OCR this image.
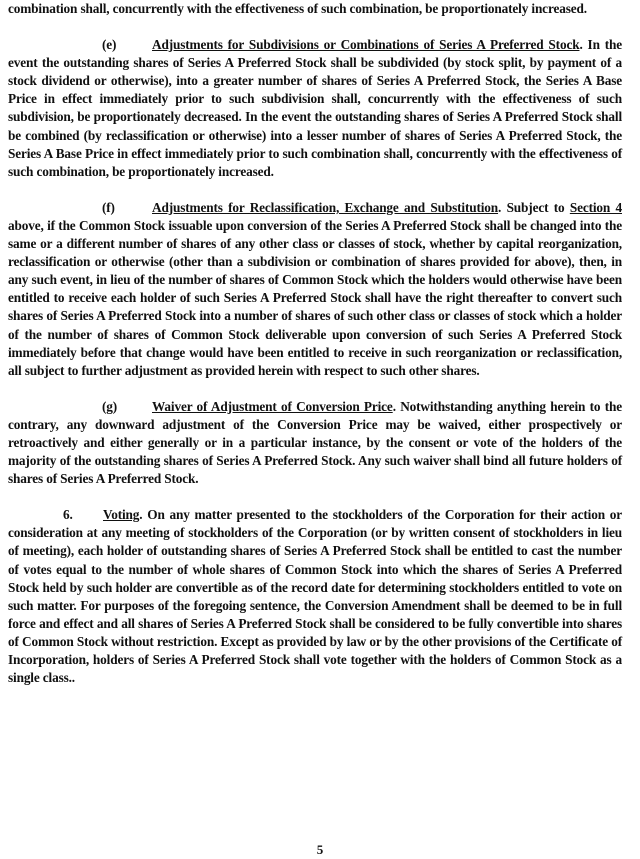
combination shall, concurrently with the effectiveness of such combination, be proportionately increased.

(e)	Adjustments for Subdivisions or Combinations of Series A Preferred Stock. In the event the outstanding shares of Series A Preferred Stock shall be subdivided (by stock split, by payment of a stock dividend or otherwise), into a greater number of shares of Series A Preferred Stock, the Series A Base Price in effect immediately prior to such subdivision shall, concurrently with the effectiveness of such subdivision, be proportionately decreased. In the event the outstanding shares of Series A Preferred Stock shall be combined (by reclassification or otherwise) into a lesser number of shares of Series A Preferred Stock, the Series A Base Price in effect immediately prior to such combination shall, concurrently with the effectiveness of such combination, be proportionately increased.

(f)	Adjustments for Reclassification, Exchange and Substitution. Subject to Section 4 above, if the Common Stock issuable upon conversion of the Series A Preferred Stock shall be changed into the same or a different number of shares of any other class or classes of stock, whether by capital reorganization, reclassification or otherwise (other than a subdivision or combination of shares provided for above), then, in any such event, in lieu of the number of shares of Common Stock which the holders would otherwise have been entitled to receive each holder of such Series A Preferred Stock shall have the right thereafter to convert such shares of Series A Preferred Stock into a number of shares of such other class or classes of stock which a holder of the number of shares of Common Stock deliverable upon conversion of such Series A Preferred Stock immediately before that change would have been entitled to receive in such reorganization or reclassification, all subject to further adjustment as provided herein with respect to such other shares.

(g)	Waiver of Adjustment of Conversion Price. Notwithstanding anything herein to the contrary, any downward adjustment of the Conversion Price may be waived, either prospectively or retroactively and either generally or in a particular instance, by the consent or vote of the holders of the majority of the outstanding shares of Series A Preferred Stock. Any such waiver shall bind all future holders of shares of Series A Preferred Stock.

6. Voting. On any matter presented to the stockholders of the Corporation for their action or consideration at any meeting of stockholders of the Corporation (or by written consent of stockholders in lieu of meeting), each holder of outstanding shares of Series A Preferred Stock shall be entitled to cast the number of votes equal to the number of whole shares of Common Stock into which the shares of Series A Preferred Stock held by such holder are convertible as of the record date for determining stockholders entitled to vote on such matter. For purposes of the foregoing sentence, the Conversion Amendment shall be deemed to be in full force and effect and all shares of Series A Preferred Stock shall be considered to be fully convertible into shares of Common Stock without restriction. Except as provided by law or by the other provisions of the Certificate of Incorporation, holders of Series A Preferred Stock shall vote together with the holders of Common Stock as a single class..

5
